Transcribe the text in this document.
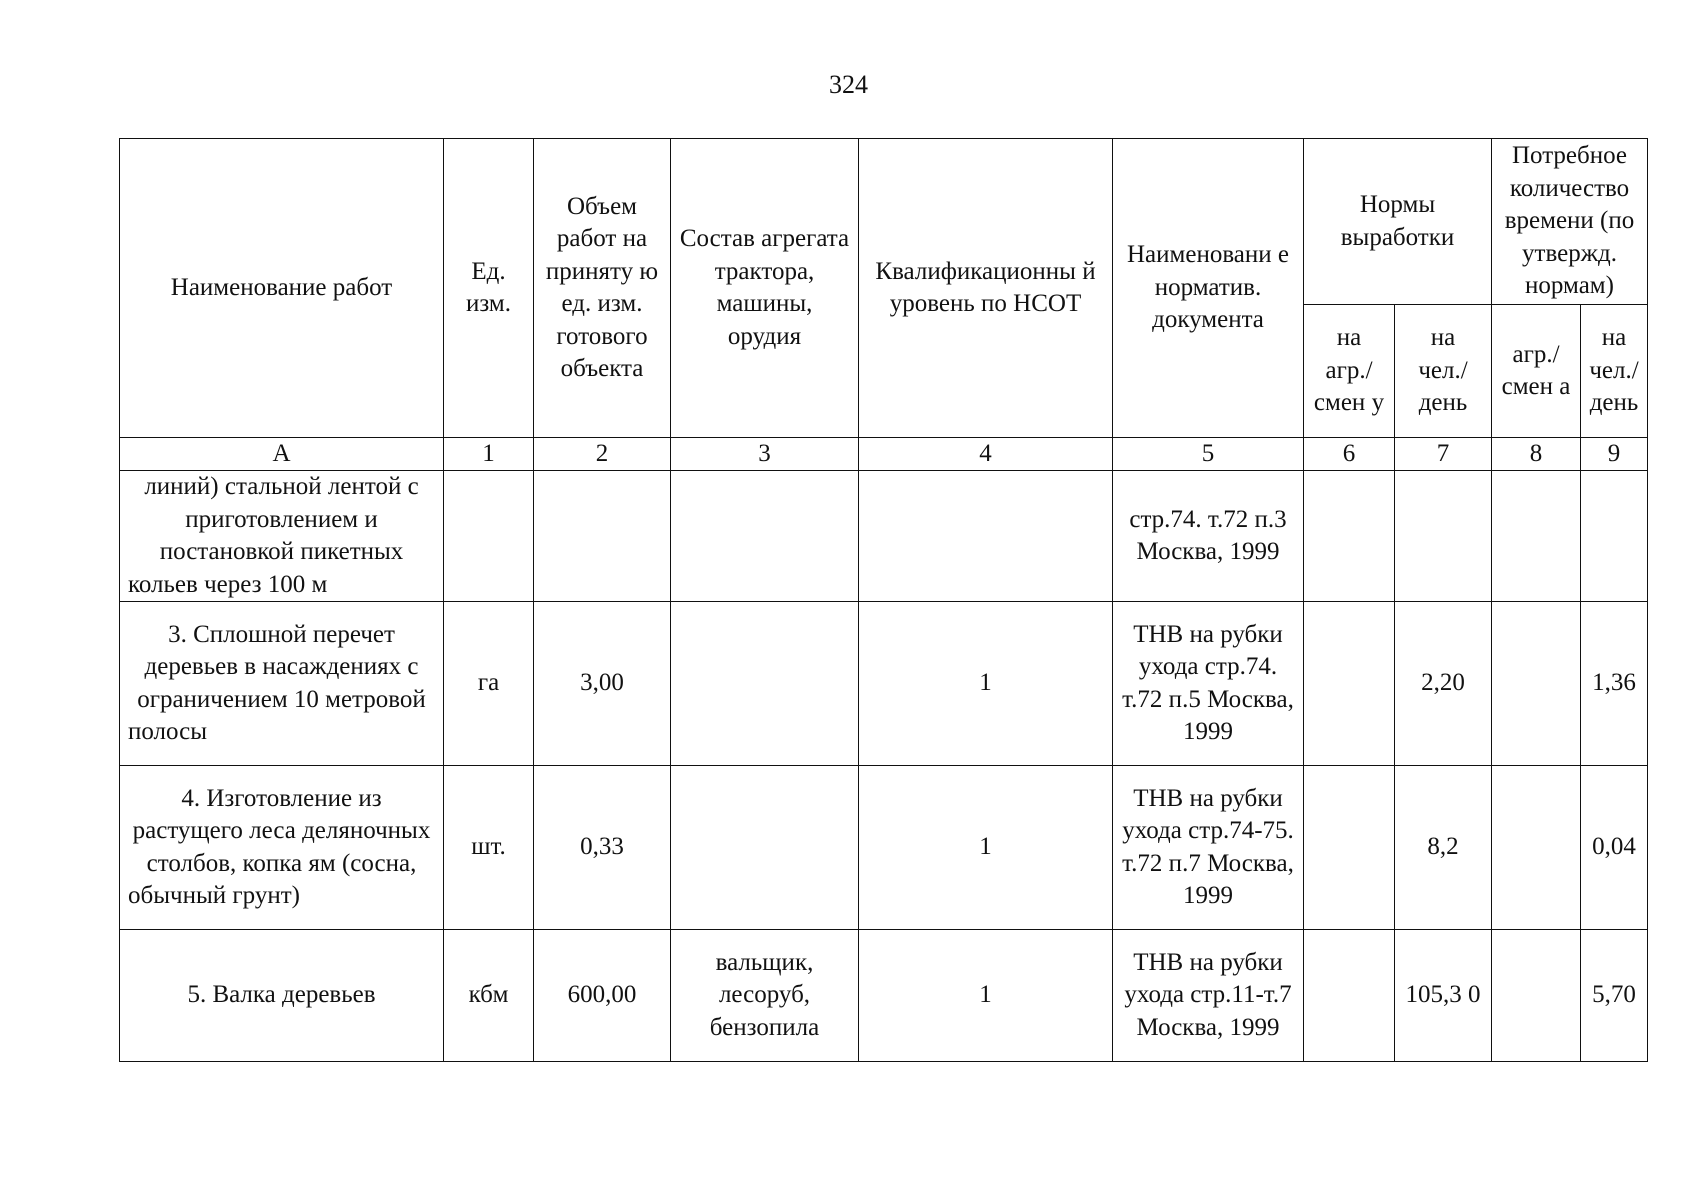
324
Наименование работ	Ед. изм.	Объем работ на приняту ю ед. изм. готового объекта	Состав агрегата трактора, машины, орудия	Квалификационны й уровень по НСОТ	Наименовани е норматив. документа	Нормы выработки		Потребное количество времени (по утвержд. нормам)	
						на агр./ смен у	на чел./ день	агр./ смен а	на чел./ день
А	1	2	3	4	5	6	7	8	9
линий) стальной лентой с приготовлением и постановкой пикетных кольев через 100 м					стр.74. т.72 п.3 Москва, 1999				
3. Сплошной перечет деревьев в насаждениях с ограничением 10 метровой полосы	га	3,00		1	ТНВ на рубки ухода стр.74. т.72 п.5 Москва, 1999		2,20		1,36
4. Изготовление из растущего леса деляночных столбов, копка ям (сосна, обычный грунт)	шт.	0,33		1	ТНВ на рубки ухода стр.74-75. т.72 п.7 Москва, 1999		8,2		0,04
5. Валка деревьев	кбм	600,00	вальщик, лесоруб, бензопила	1	ТНВ на рубки ухода стр.11-т.7 Москва, 1999		105,3 0		5,70
